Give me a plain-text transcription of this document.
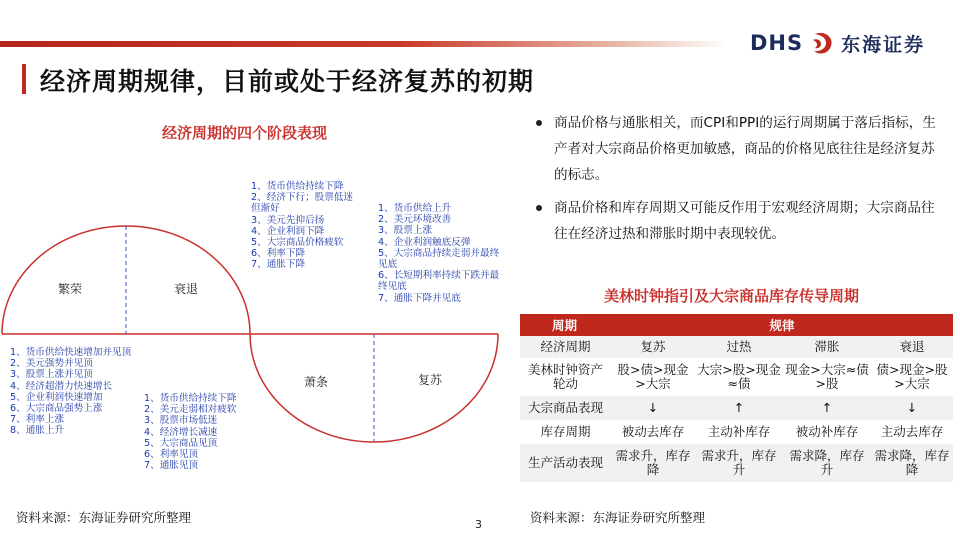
DHS 东海证券
经济周期规律，目前或处于经济复苏的初期
经济周期的四个阶段表现
繁荣	衰退
萧条	复苏
1、货币供给持续下降
2、经济下行；股票低迷
但渐好
3、美元先抑后扬
4、企业利润下降
5、大宗商品价格疲软
6、利率下降
7、通胀下降
1、货币供给上升
2、美元环境改善
3、股票上涨
4、企业利润触底反弹
5、大宗商品持续走弱并最终
见底
6、长短期利率持续下跌并最
终见底
7、通胀下降并见底
1、货币供给快速增加并见顶
2、美元强势并见顶
3、股票上涨并见顶
4、经济超潜力快速增长
5、企业利润快速增加
6、大宗商品强势上涨
7、利率上涨
8、通胀上升
1、货币供给持续下降
2、美元走弱相对疲软
3、股票市场低迷
4、经济增长减速
5、大宗商品见顶
6、利率见顶
7、通胀见顶
资料来源：东海证券研究所整理	3
商品价格与通胀相关，而CPI和PPI的运行周期属于落后指标，生产者对大宗商品价格更加敏感，商品的价格见底往往是经济复苏的标志。
商品价格和库存周期又可能反作用于宏观经济周期；大宗商品往往在经济过热和滞胀时期中表现较优。
美林时钟指引及大宗商品库存传导周期
周期	规律			
经济周期	复苏	过热	滞胀	衰退
美林时钟资产轮动	股>债>现金>大宗	大宗>股>现金≈债	现金>大宗≈债>股	债>现金>股>大宗
大宗商品表现	↓	↑	↑	↓
库存周期	被动去库存	主动补库存	被动补库存	主动去库存
生产活动表现	需求升，库存降	需求升，库存升	需求降，库存升	需求降，库存降
资料来源：东海证券研究所整理
